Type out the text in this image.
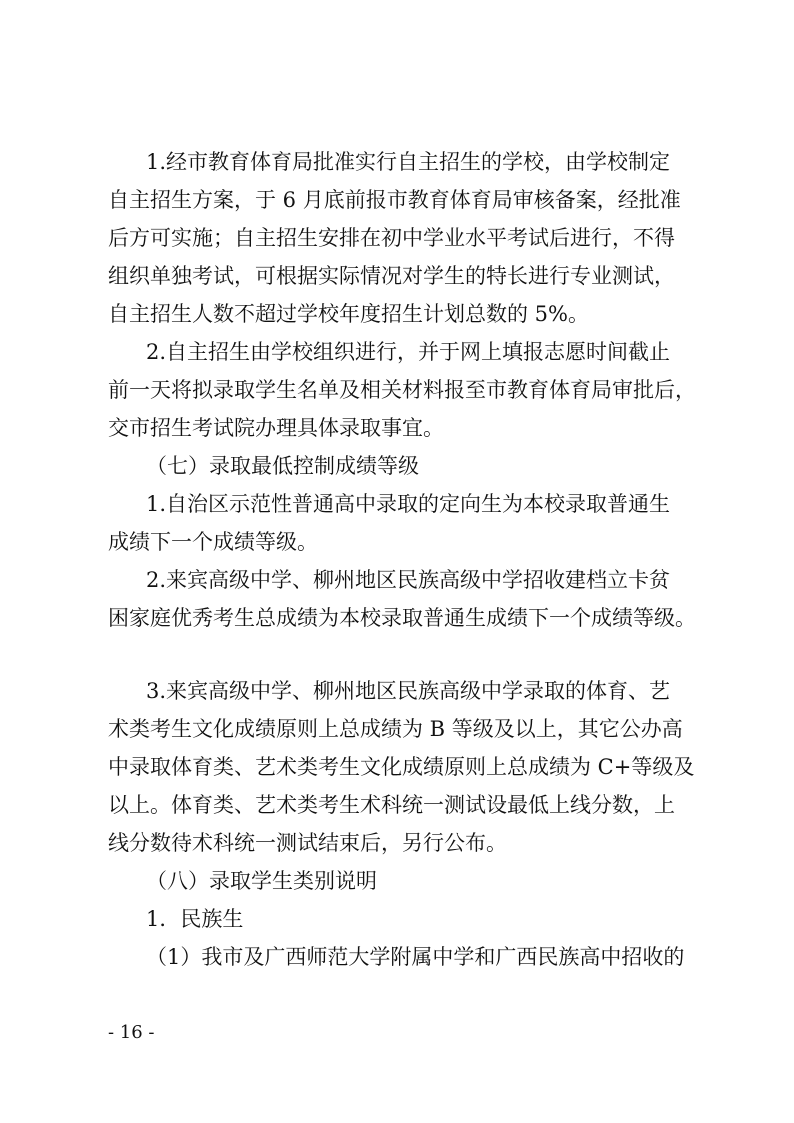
1.经市教育体育局批准实行自主招生的学校，由学校制定
自主招生方案，于 6 月底前报市教育体育局审核备案，经批准
后方可实施；自主招生安排在初中学业水平考试后进行，不得
组织单独考试，可根据实际情况对学生的特长进行专业测试，
自主招生人数不超过学校年度招生计划总数的 5%。
2.自主招生由学校组织进行，并于网上填报志愿时间截止
前一天将拟录取学生名单及相关材料报至市教育体育局审批后，
交市招生考试院办理具体录取事宜。
（七）录取最低控制成绩等级
1.自治区示范性普通高中录取的定向生为本校录取普通生
成绩下一个成绩等级。
2.来宾高级中学、柳州地区民族高级中学招收建档立卡贫
困家庭优秀考生总成绩为本校录取普通生成绩下一个成绩等级。
3.来宾高级中学、柳州地区民族高级中学录取的体育、艺
术类考生文化成绩原则上总成绩为 B 等级及以上，其它公办高
中录取体育类、艺术类考生文化成绩原则上总成绩为 C+等级及
以上。体育类、艺术类考生术科统一测试设最低上线分数，上
线分数待术科统一测试结束后，另行公布。
（八）录取学生类别说明
1．民族生
（1）我市及广西师范大学附属中学和广西民族高中招收的
- 16 -
